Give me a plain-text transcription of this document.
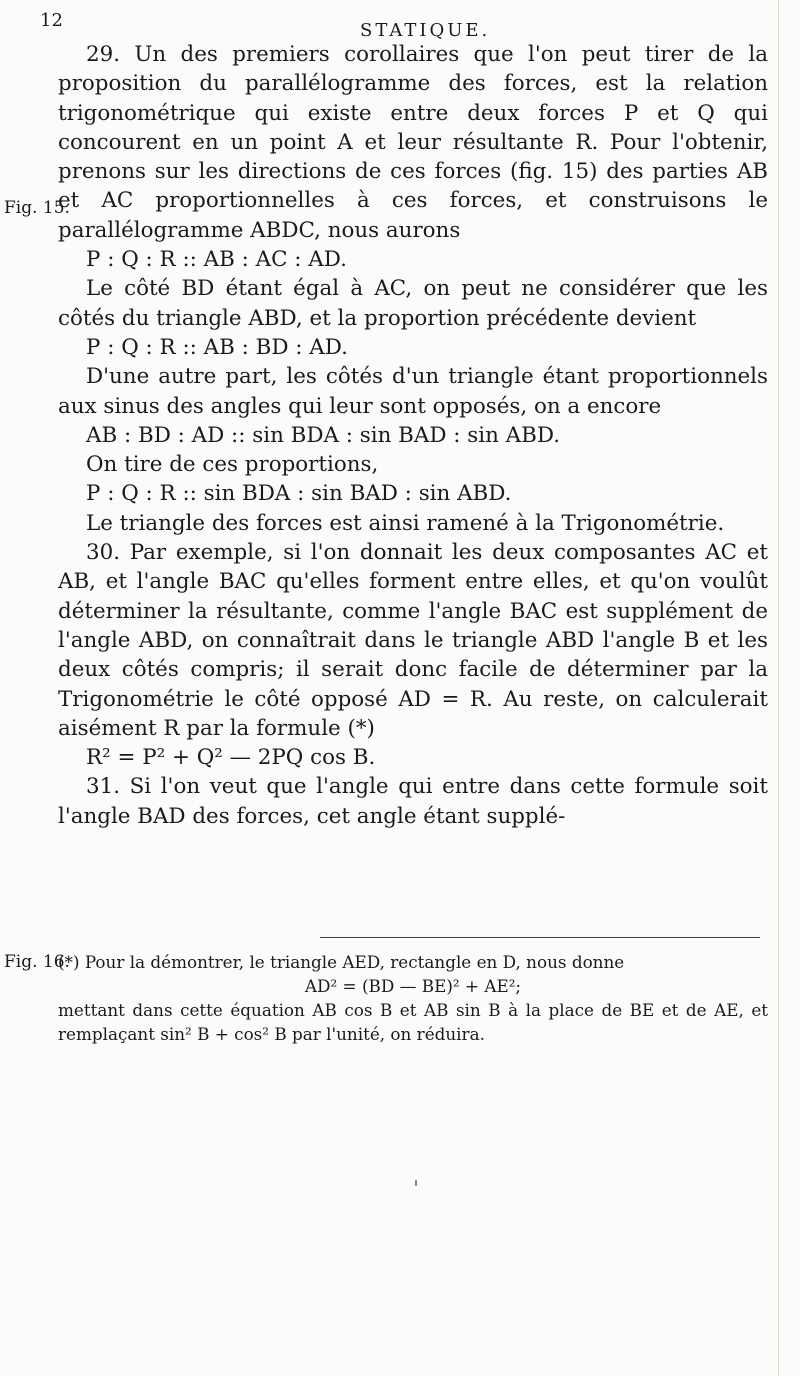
12	STATIQUE.
Fig. 15.
Fig. 16.

29. Un des premiers corollaires que l'on peut tirer de la proposition du parallélogramme des forces, est la relation trigonométrique qui existe entre deux forces P et Q qui concourent en un point A et leur résultante R. Pour l'obtenir, prenons sur les directions de ces forces (fig. 15) des parties AB et AC proportionnelles à ces forces, et construisons le parallélogramme ABDC, nous aurons

P : Q : R :: AB : AC : AD.

Le côté BD étant égal à AC, on peut ne considérer que les côtés du triangle ABD, et la proportion précédente devient

P : Q : R :: AB : BD : AD.

D'une autre part, les côtés d'un triangle étant proportionnels aux sinus des angles qui leur sont opposés, on a encore

AB : BD : AD :: sin BDA : sin BAD : sin ABD.

On tire de ces proportions,

P : Q : R :: sin BDA : sin BAD : sin ABD.

Le triangle des forces est ainsi ramené à la Trigonométrie.

30. Par exemple, si l'on donnait les deux composantes AC et AB, et l'angle BAC qu'elles forment entre elles, et qu'on voulût déterminer la résultante, comme l'angle BAC est supplément de l'angle ABD, on connaîtrait dans le triangle ABD l'angle B et les deux côtés compris; il serait donc facile de déterminer par la Trigonométrie le côté opposé AD = R. Au reste, on calculerait aisément R par la formule (*)

R² = P² + Q² — 2PQ cos B.

31. Si l'on veut que l'angle qui entre dans cette formule soit l'angle BAD des forces, cet angle étant supplé-

(*) Pour la démontrer, le triangle AED, rectangle en D, nous donne

AD² = (BD — BE)² + AE²;

mettant dans cette équation AB cos B et AB sin B à la place de BE et de AE, et remplaçant sin² B + cos² B par l'unité, on réduira.
